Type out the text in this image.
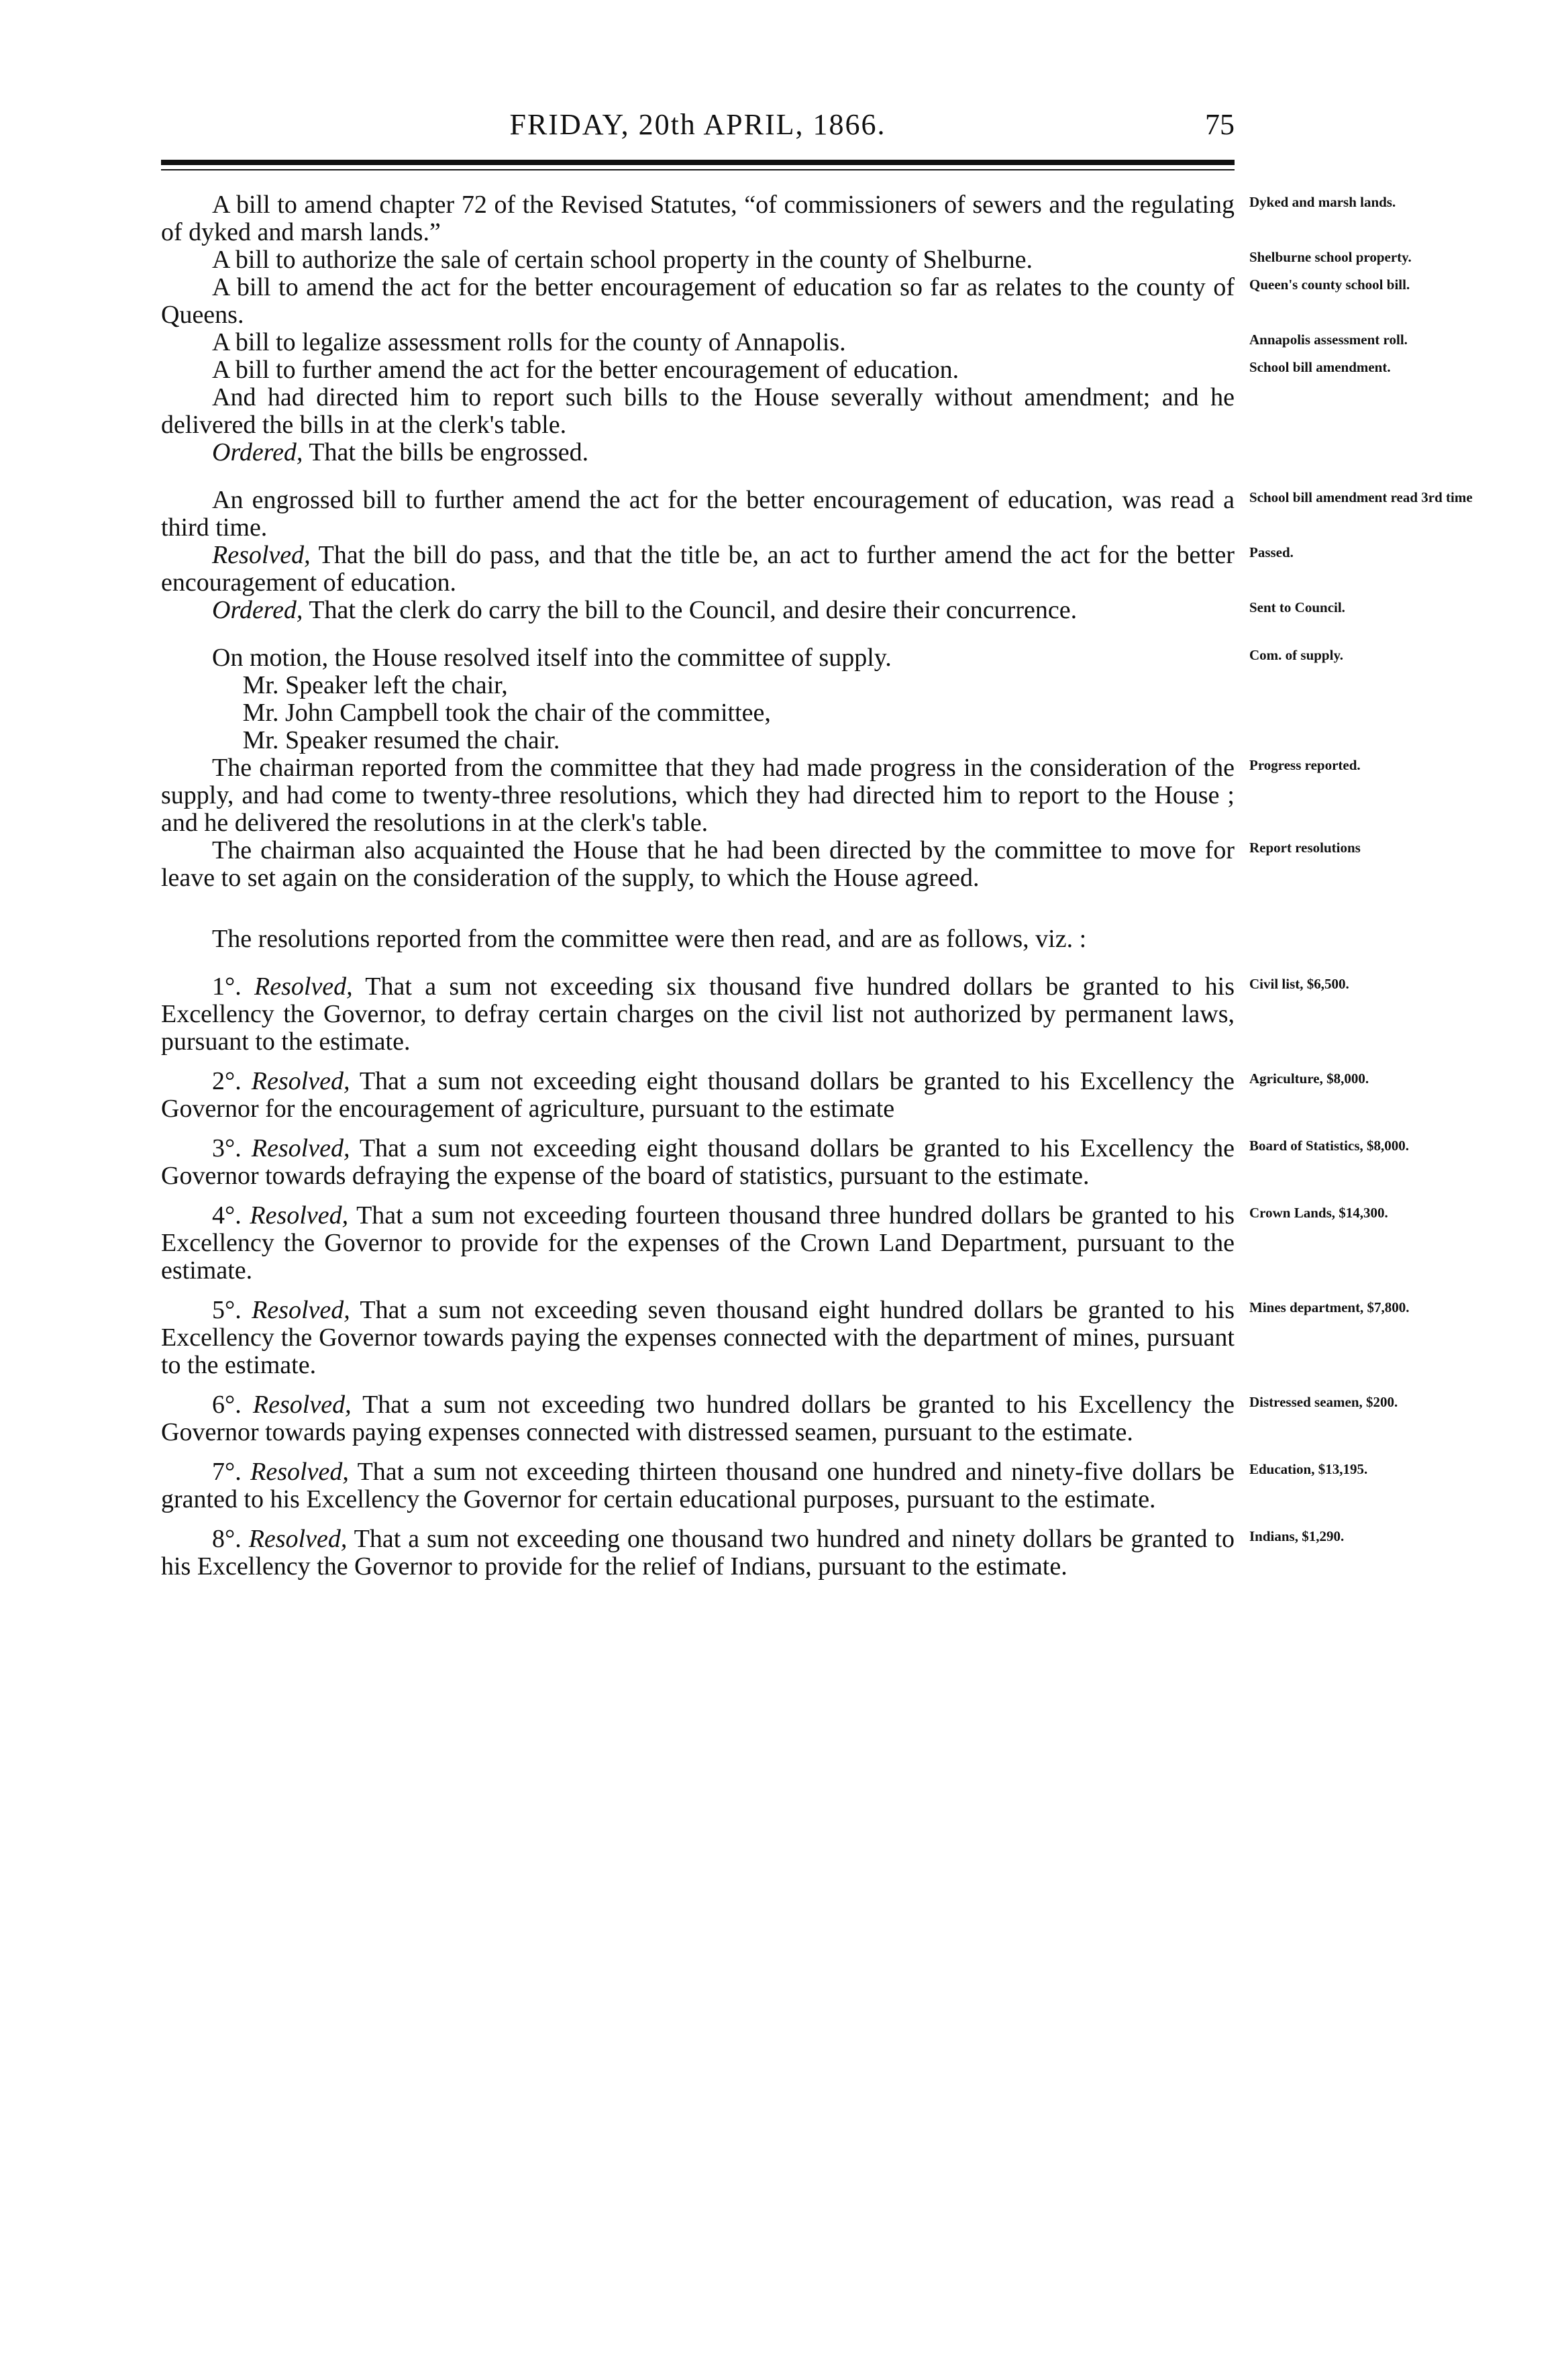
FRIDAY, 20th APRIL, 1866.	75

A bill to amend chapter 72 of the Revised Statutes, “of commissioners of sewers and the regulating of dyked and marsh lands.”

Dyked and marsh lands.

A bill to authorize the sale of certain school property in the county of Shelburne.	Shelburne school property.

A bill to amend the act for the better encouragement of education so far as relates to the county of Queens.

Queen's county school bill.

A bill to legalize assessment rolls for the county of Annapolis.	Annapolis assessment roll.

A bill to further amend the act for the better encouragement of education.	School bill amendment.

And had directed him to report such bills to the House severally without amendment; and he delivered the bills in at the clerk's table.

Ordered, That the bills be engrossed.

An engrossed bill to further amend the act for the better encouragement of education, was read a third time.

School bill amendment read 3rd time

Resolved, That the bill do pass, and that the title be, an act to further amend the act for the better encouragement of education.

Passed.

Ordered, That the clerk do carry the bill to the Council, and desire their concurrence.	Sent to Council.

On motion, the House resolved itself into the committee of supply.	Com. of supply.

Mr. Speaker left the chair,

Mr. John Campbell took the chair of the committee,

Mr. Speaker resumed the chair.

The chairman reported from the committee that they had made progress in the consideration of the supply, and had come to twenty-three resolutions, which they had directed him to report to the House ; and he delivered the resolutions in at the clerk's table.

Progress reported.

The chairman also acquainted the House that he had been directed by the committee to move for leave to set again on the consideration of the supply, to which the House agreed.

Report resolutions

The resolutions reported from the committee were then read, and are as follows, viz. :

1°. Resolved, That a sum not exceeding six thousand five hundred dollars be granted to his Excellency the Governor, to defray certain charges on the civil list not authorized by permanent laws, pursuant to the estimate.

Civil list, $6,500.

2°. Resolved, That a sum not exceeding eight thousand dollars be granted to his Excellency the Governor for the encouragement of agriculture, pursuant to the estimate

Agriculture, $8,000.

3°. Resolved, That a sum not exceeding eight thousand dollars be granted to his Excellency the Governor towards defraying the expense of the board of statistics, pursuant to the estimate.

Board of Statistics, $8,000.

4°. Resolved, That a sum not exceeding fourteen thousand three hundred dollars be granted to his Excellency the Governor to provide for the expenses of the Crown Land Department, pursuant to the estimate.

Crown Lands, $14,300.

5°. Resolved, That a sum not exceeding seven thousand eight hundred dollars be granted to his Excellency the Governor towards paying the expenses connected with the department of mines, pursuant to the estimate.

Mines department, $7,800.

6°. Resolved, That a sum not exceeding two hundred dollars be granted to his Excellency the Governor towards paying expenses connected with distressed seamen, pursuant to the estimate.

Distressed seamen, $200.

7°. Resolved, That a sum not exceeding thirteen thousand one hundred and ninety-five dollars be granted to his Excellency the Governor for certain educational purposes, pursuant to the estimate.

Education, $13,195.

8°. Resolved, That a sum not exceeding one thousand two hundred and ninety dollars be granted to his Excellency the Governor to provide for the relief of Indians, pursuant to the estimate.

Indians, $1,290.
